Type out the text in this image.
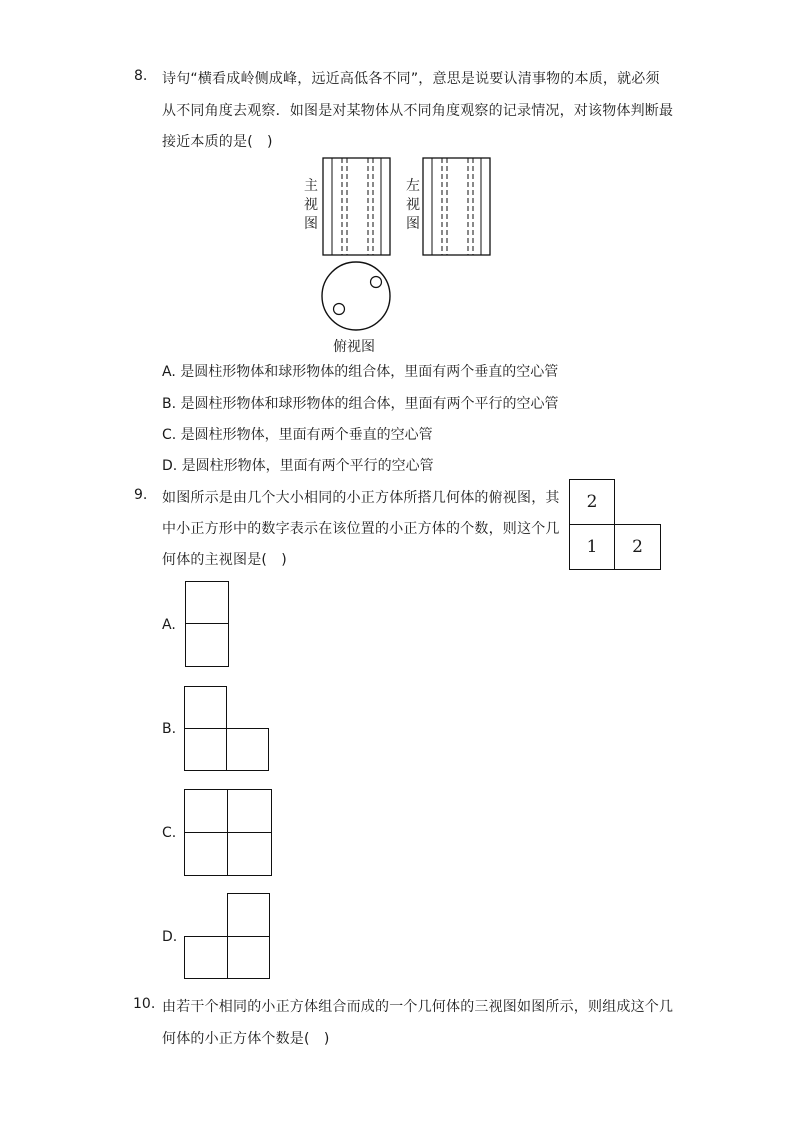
8. 诗句“横看成岭侧成峰，远近高低各不同”，意思是说要认清事物的本质，就必须
从不同角度去观察．如图是对某物体从不同角度观察的记录情况，对该物体判断最
接近本质的是(　)
主
视
图
左
视
图
俯视图
A. 是圆柱形物体和球形物体的组合体，里面有两个垂直的空心管
B. 是圆柱形物体和球形物体的组合体，里面有两个平行的空心管
C. 是圆柱形物体，里面有两个垂直的空心管
D. 是圆柱形物体，里面有两个平行的空心管
9. 如图所示是由几个大小相同的小正方体所搭几何体的俯视图，其
中小正方形中的数字表示在该位置的小正方体的个数，则这个几
何体的主视图是(　)
2
1	2
A.
B.
C.
D.
10. 由若干个相同的小正方体组合而成的一个几何体的三视图如图所示，则组成这个几
何体的小正方体个数是(　)
